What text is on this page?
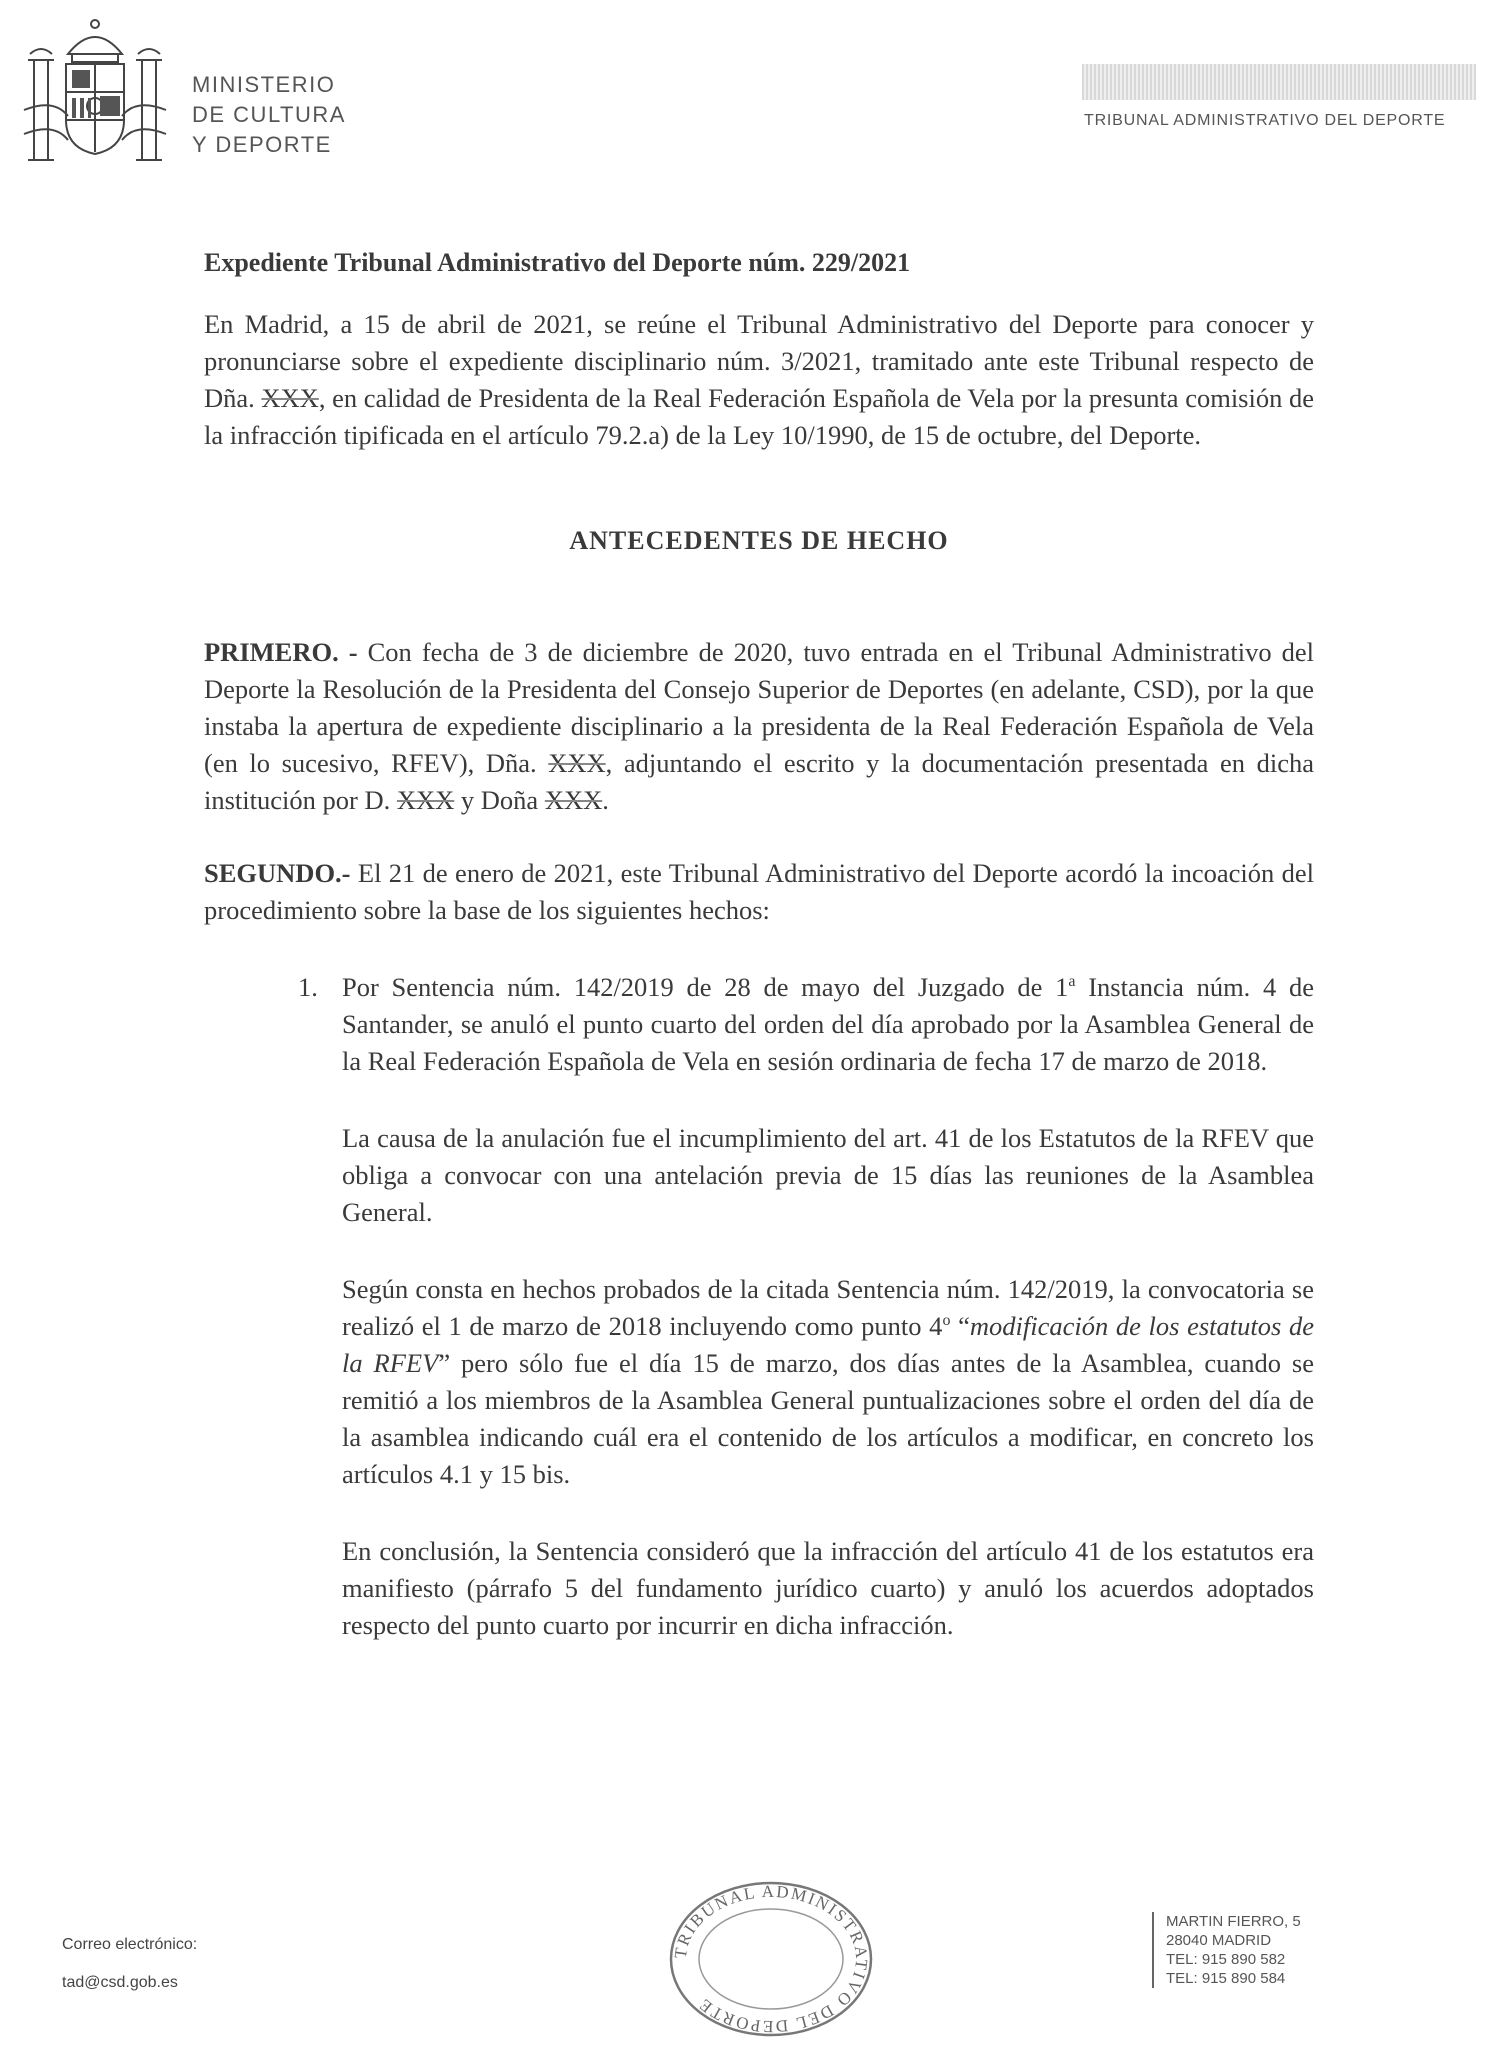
MINISTERIO
DE CULTURA
Y DEPORTE
TRIBUNAL ADMINISTRATIVO DEL DEPORTE
Expediente Tribunal Administrativo del Deporte núm. 229/2021

En Madrid, a 15 de abril de 2021, se reúne el Tribunal Administrativo del Deporte para conocer y pronunciarse sobre el expediente disciplinario núm. 3/2021, tramitado ante este Tribunal respecto de Dña. XXX, en calidad de Presidenta de la Real Federación Española de Vela por la presunta comisión de la infracción tipificada en el artículo 79.2.a) de la Ley 10/1990, de 15 de octubre, del Deporte.

ANTECEDENTES DE HECHO

PRIMERO. - Con fecha de 3 de diciembre de 2020, tuvo entrada en el Tribunal Administrativo del Deporte la Resolución de la Presidenta del Consejo Superior de Deportes (en adelante, CSD), por la que instaba la apertura de expediente disciplinario a la presidenta de la Real Federación Española de Vela (en lo sucesivo, RFEV), Dña. XXX, adjuntando el escrito y la documentación presentada en dicha institución por D. XXX y Doña XXX.

SEGUNDO.- El 21 de enero de 2021, este Tribunal Administrativo del Deporte acordó la incoación del procedimiento sobre la base de los siguientes hechos:

1. Por Sentencia núm. 142/2019 de 28 de mayo del Juzgado de 1$^a$ Instancia núm. 4 de Santander, se anuló el punto cuarto del orden del día aprobado por la Asamblea General de la Real Federación Española de Vela en sesión ordinaria de fecha 17 de marzo de 2018.

La causa de la anulación fue el incumplimiento del art. 41 de los Estatutos de la RFEV que obliga a convocar con una antelación previa de 15 días las reuniones de la Asamblea General.

Según consta en hechos probados de la citada Sentencia núm. 142/2019, la convocatoria se realizó el 1 de marzo de 2018 incluyendo como punto 4$^o$ “modificación de los estatutos de la RFEV” pero sólo fue el día 15 de marzo, dos días antes de la Asamblea, cuando se remitió a los miembros de la Asamblea General puntualizaciones sobre el orden del día de la asamblea indicando cuál era el contenido de los artículos a modificar, en concreto los artículos 4.1 y 15 bis.

En conclusión, la Sentencia consideró que la infracción del artículo 41 de los estatutos era manifiesto (párrafo 5 del fundamento jurídico cuarto) y anuló los acuerdos adoptados respecto del punto cuarto por incurrir en dicha infracción.

Correo electrónico:
tad@csd.gob.es
TRIBUNAL ADMINISTRATIVO DEL DEPORTE
MARTIN FIERRO, 5
28040 MADRID
TEL: 915 890 582
TEL: 915 890 584
